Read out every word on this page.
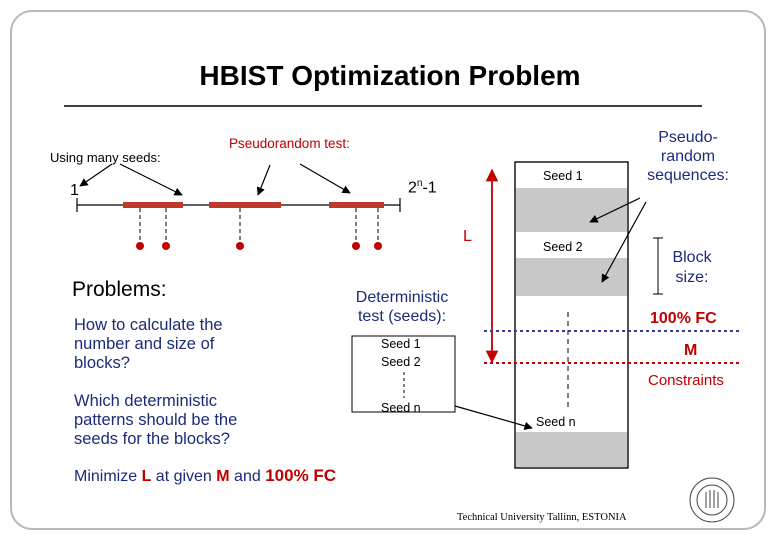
HBIST Optimization Problem
Using many seeds:
Pseudorandom test:
1	2$^n$-1
L
Problems:
How to calculate the
number and size of
blocks?
Which deterministic
patterns should be the
seeds for the blocks?
Deterministic
test (seeds):
Seed 1
Seed 2
Seed n
Seed 1
Seed 2
Seed n
Pseudo-
random
sequences:
Block
size:
100% FC
M
Constraints
Minimize L at given M and 100% FC
Technical University Tallinn, ESTONIA
